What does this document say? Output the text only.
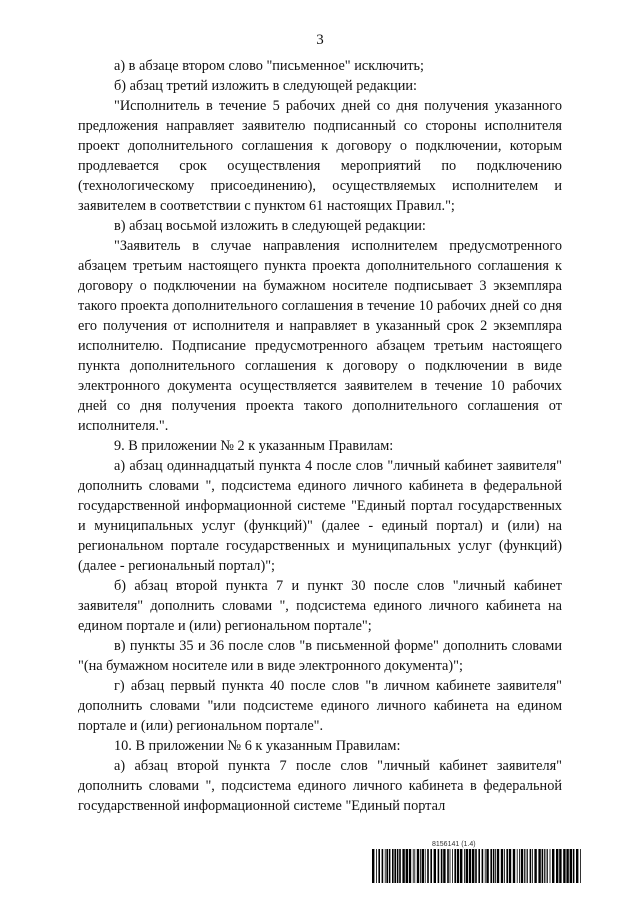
3

а) в абзаце втором слово "письменное" исключить;

б) абзац третий изложить в следующей редакции:

"Исполнитель в течение 5 рабочих дней со дня получения указанного предложения направляет заявителю подписанный со стороны исполнителя проект дополнительного соглашения к договору о подключении, которым продлевается срок осуществления мероприятий по подключению (технологическому присоединению), осуществляемых исполнителем и заявителем в соответствии с пунктом 61 настоящих Правил.";

в) абзац восьмой изложить в следующей редакции:

"Заявитель в случае направления исполнителем предусмотренного абзацем третьим настоящего пункта проекта дополнительного соглашения к договору о подключении на бумажном носителе подписывает 3 экземпляра такого проекта дополнительного соглашения в течение 10 рабочих дней со дня его получения от исполнителя и направляет в указанный срок 2 экземпляра исполнителю. Подписание предусмотренного абзацем третьим настоящего пункта дополнительного соглашения к договору о подключении в виде электронного документа осуществляется заявителем в течение 10 рабочих дней со дня получения проекта такого дополнительного соглашения от исполнителя.".

9. В приложении № 2 к указанным Правилам:

а) абзац одиннадцатый пункта 4 после слов "личный кабинет заявителя" дополнить словами ", подсистема единого личного кабинета в федеральной государственной информационной системе "Единый портал государственных и муниципальных услуг (функций)" (далее - единый портал) и (или) на региональном портале государственных и муниципальных услуг (функций) (далее - региональный портал)";

б) абзац второй пункта 7 и пункт 30 после слов "личный кабинет заявителя" дополнить словами ", подсистема единого личного кабинета на едином портале и (или) региональном портале";

в) пункты 35 и 36 после слов "в письменной форме" дополнить словами "(на бумажном носителе или в виде электронного документа)";

г) абзац первый пункта 40 после слов "в личном кабинете заявителя" дополнить словами "или подсистеме единого личного кабинета на едином портале и (или) региональном портале".

10. В приложении № 6 к указанным Правилам:

а) абзац второй пункта 7 после слов "личный кабинет заявителя" дополнить словами ", подсистема единого личного кабинета в федеральной государственной информационной системе "Единый портал

8156141 (1.4)
